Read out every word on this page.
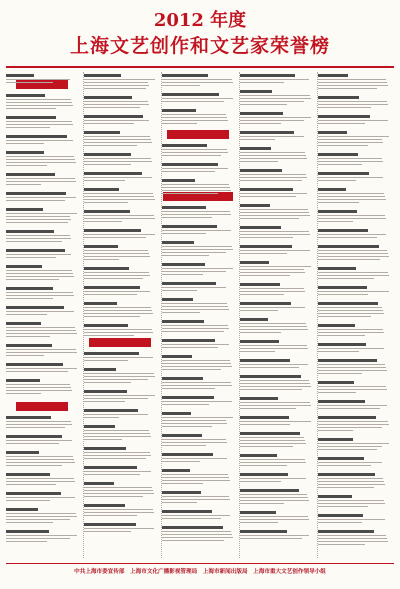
2012 年度
上海文艺创作和文艺家荣誉榜
中共上海市委宣传部　上海市文化广播影视管理局　上海市新闻出版局　上海市重大文艺创作领导小组
